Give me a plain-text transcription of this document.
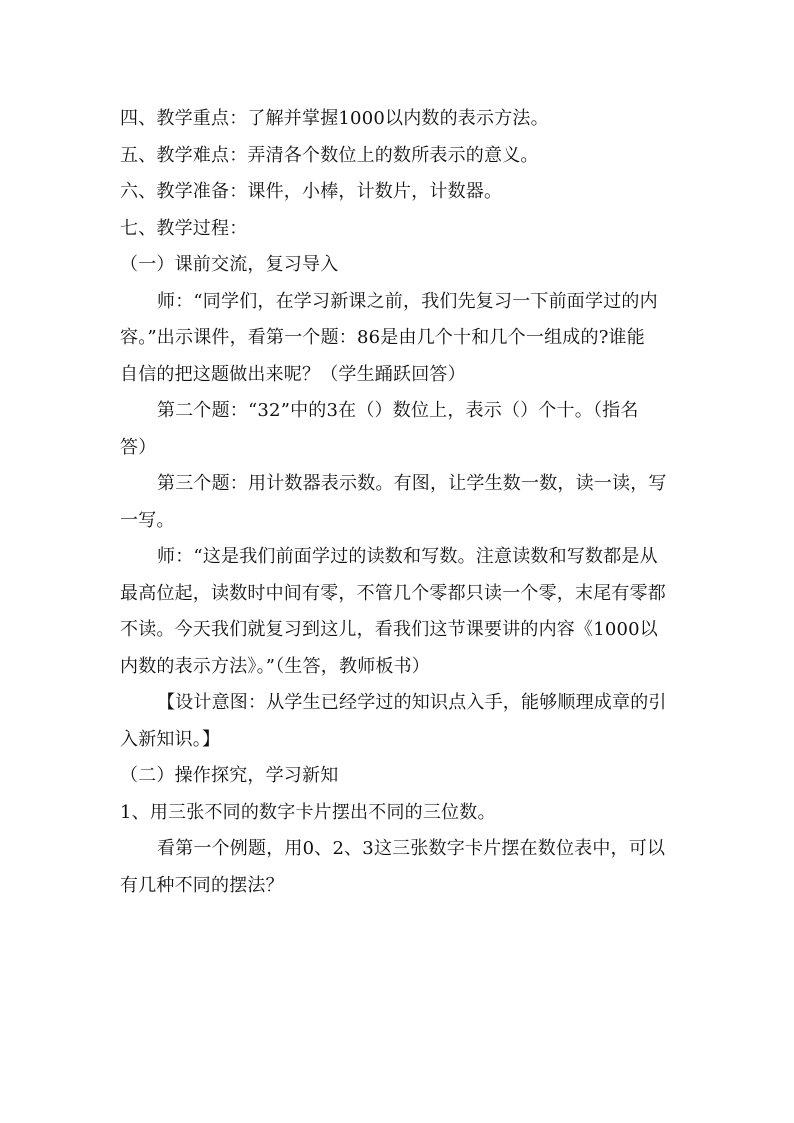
四、教学重点：了解并掌握1000以内数的表示方法。
五、教学难点：弄清各个数位上的数所表示的意义。
六、教学准备：课件，小棒，计数片，计数器。
七、教学过程：
（一）课前交流，复习导入
师：“同学们，在学习新课之前，我们先复习一下前面学过的内
容。”出示课件，看第一个题：86是由几个十和几个一组成的?谁能
自信的把这题做出来呢？（学生踊跃回答）
第二个题：“32”中的3在（）数位上，表示（）个十。（指名
答）
第三个题：用计数器表示数。有图，让学生数一数，读一读，写
一写。
师：“这是我们前面学过的读数和写数。注意读数和写数都是从
最高位起，读数时中间有零，不管几个零都只读一个零，末尾有零都
不读。今天我们就复习到这儿，看我们这节课要讲的内容《1000以
内数的表示方法》。”（生答，教师板书）
【设计意图：从学生已经学过的知识点入手，能够顺理成章的引
入新知识。】
（二）操作探究，学习新知
1、用三张不同的数字卡片摆出不同的三位数。
看第一个例题，用0、2、3这三张数字卡片摆在数位表中，可以
有几种不同的摆法？
